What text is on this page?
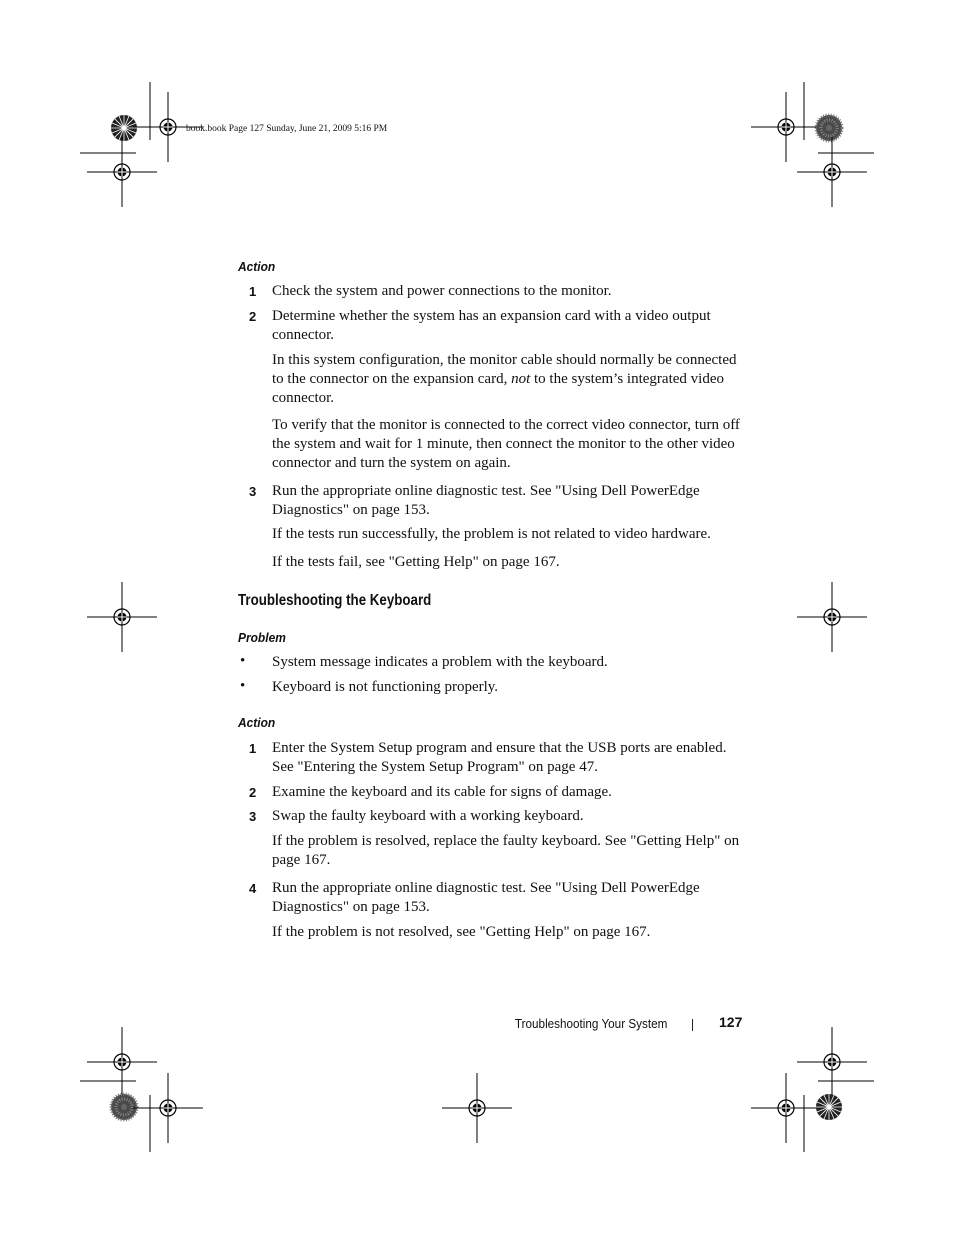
book.book Page 127 Sunday, June 21, 2009 5:16 PM
Action
1 Check the system and power connections to the monitor.
2 Determine whether the system has an expansion card with a video output connector.
In this system configuration, the monitor cable should normally be connected to the connector on the expansion card, not to the system’s integrated video connector.
To verify that the monitor is connected to the correct video connector, turn off the system and wait for 1 minute, then connect the monitor to the other video connector and turn the system on again.
3 Run the appropriate online diagnostic test. See "Using Dell PowerEdge Diagnostics" on page 153.
If the tests run successfully, the problem is not related to video hardware.
If the tests fail, see "Getting Help" on page 167.
Troubleshooting the Keyboard
Problem
• System message indicates a problem with the keyboard.
• Keyboard is not functioning properly.
Action
1 Enter the System Setup program and ensure that the USB ports are enabled. See "Entering the System Setup Program" on page 47.
2 Examine the keyboard and its cable for signs of damage.
3 Swap the faulty keyboard with a working keyboard.
If the problem is resolved, replace the faulty keyboard. See "Getting Help" on page 167.
4 Run the appropriate online diagnostic test. See "Using Dell PowerEdge Diagnostics" on page 153.
If the problem is not resolved, see "Getting Help" on page 167.
Troubleshooting Your System	127
